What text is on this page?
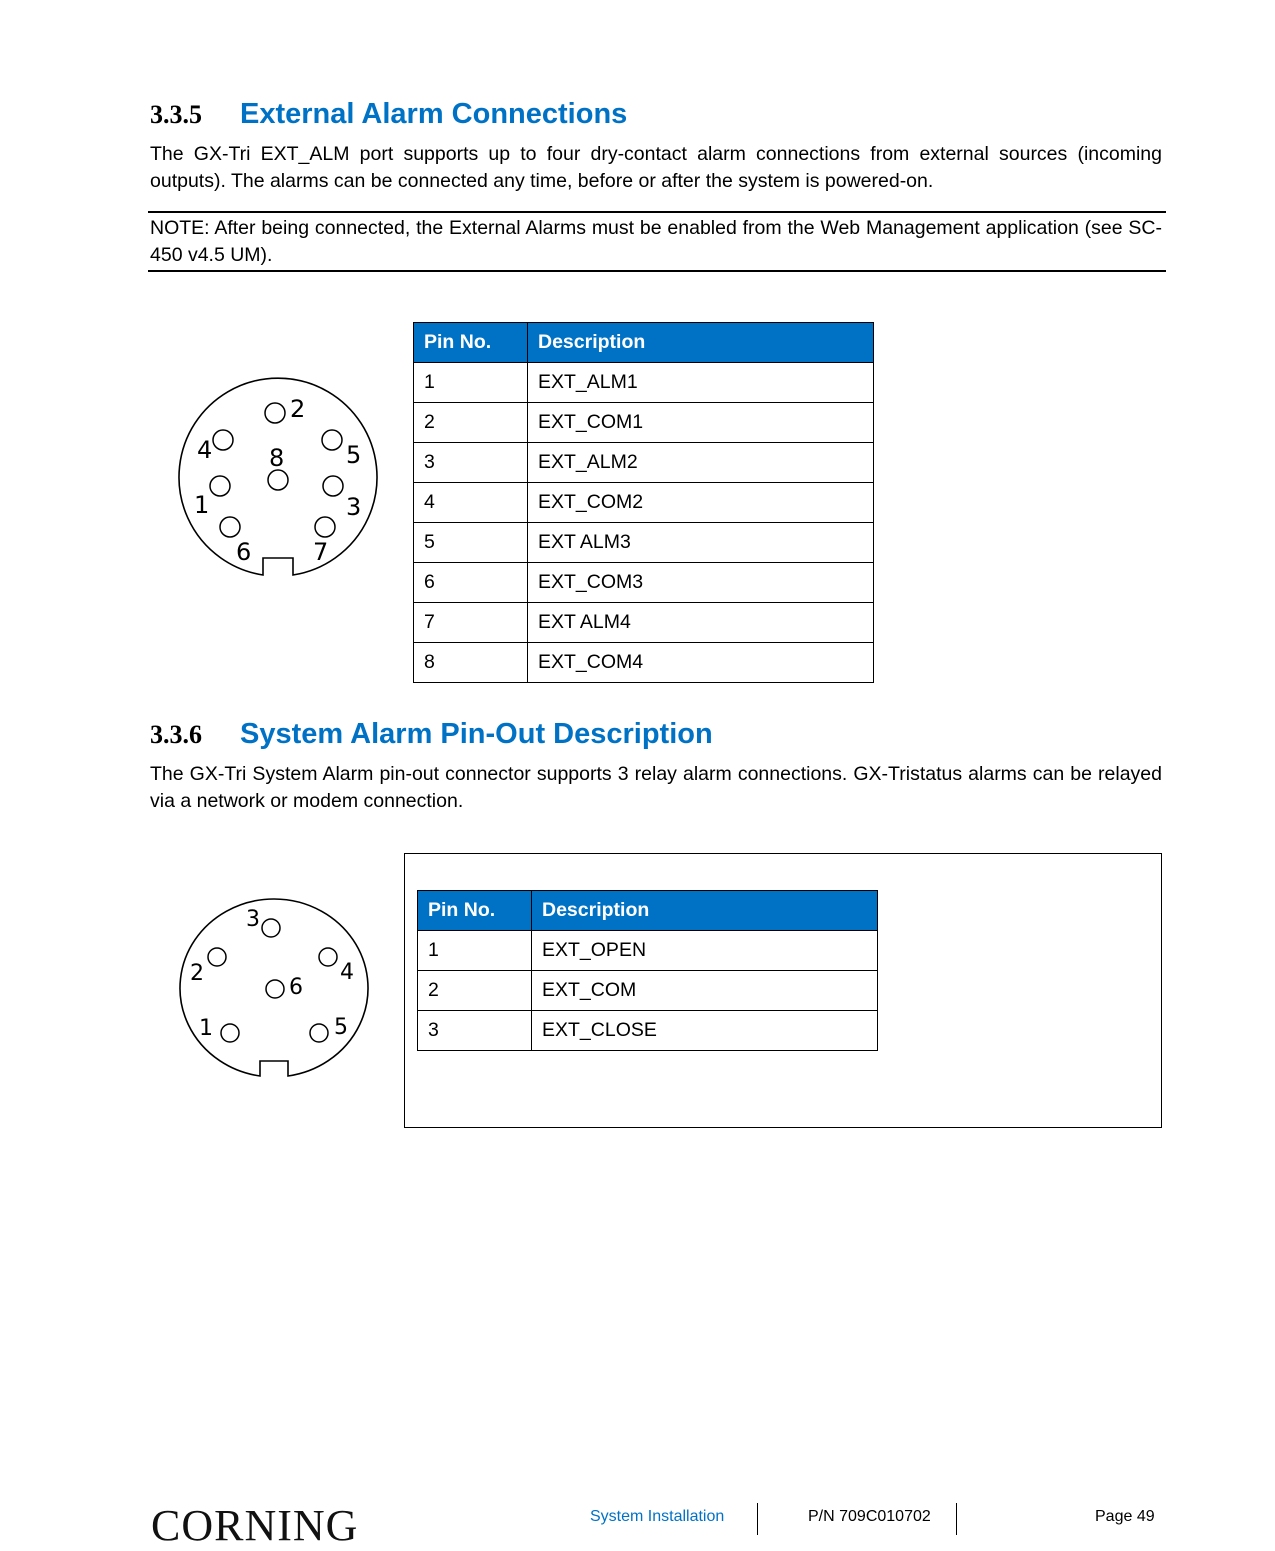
3.3.5 External Alarm Connections
The GX-Tri EXT_ALM port supports up to four dry-contact alarm connections from external sources (incoming outputs). The alarms can be connected any time, before or after the system is powered-on.
NOTE: After being connected, the External Alarms must be enabled from the Web Management application (see SC-450 v4.5 UM).
2
4	5
8
1	3
6	7
Pin No.	Description
1	EXT_ALM1
2	EXT_COM1
3	EXT_ALM2
4	EXT_COM2
5	EXT ALM3
6	EXT_COM3
7	EXT ALM4
8	EXT_COM4
3.3.6 System Alarm Pin-Out Description
The GX-Tri System Alarm pin-out connector supports 3 relay alarm connections. GX-Tristatus alarms can be relayed via a network or modem connection.
3
2	4
6
1	5
Pin No.	Description
1	EXT_OPEN
2	EXT_COM
3	EXT_CLOSE
CORNING	System Installation	P/N 709C010702	Page 49
